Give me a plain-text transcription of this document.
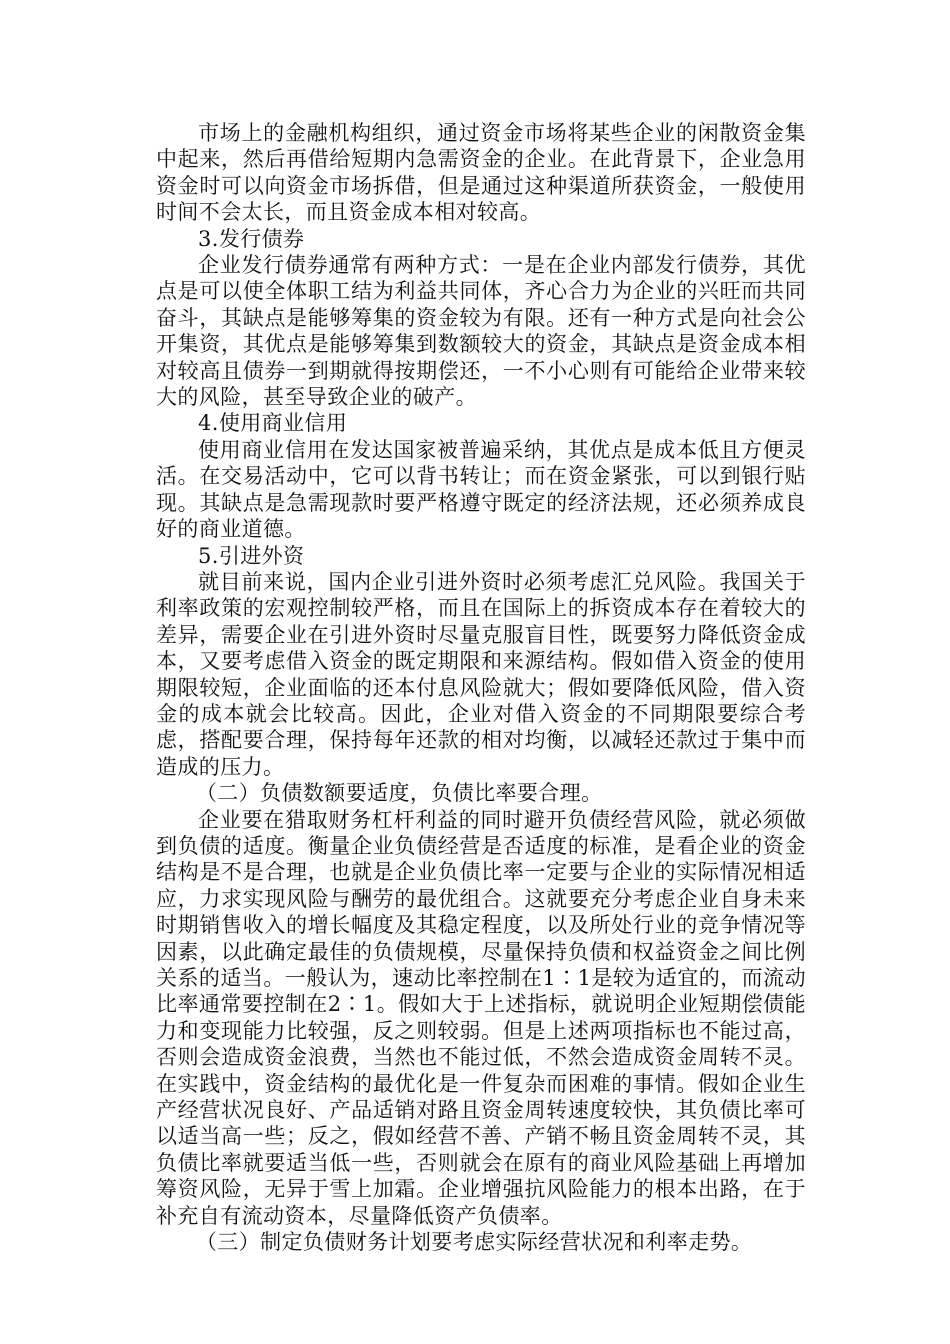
市场上的金融机构组织，通过资金市场将某些企业的闲散资金集中起来，然后再借给短期内急需资金的企业。在此背景下，企业急用资金时可以向资金市场拆借，但是通过这种渠道所获资金，一般使用时间不会太长，而且资金成本相对较高。

3.发行债券

企业发行债券通常有两种方式：一是在企业内部发行债券，其优点是可以使全体职工结为利益共同体，齐心合力为企业的兴旺而共同奋斗，其缺点是能够筹集的资金较为有限。还有一种方式是向社会公开集资，其优点是能够筹集到数额较大的资金，其缺点是资金成本相对较高且债券一到期就得按期偿还，一不小心则有可能给企业带来较大的风险，甚至导致企业的破产。

4.使用商业信用

使用商业信用在发达国家被普遍采纳，其优点是成本低且方便灵活。在交易活动中，它可以背书转让；而在资金紧张，可以到银行贴现。其缺点是急需现款时要严格遵守既定的经济法规，还必须养成良好的商业道德。

5.引进外资

就目前来说，国内企业引进外资时必须考虑汇兑风险。我国关于利率政策的宏观控制较严格，而且在国际上的拆资成本存在着较大的差异，需要企业在引进外资时尽量克服盲目性，既要努力降低资金成本，又要考虑借入资金的既定期限和来源结构。假如借入资金的使用期限较短，企业面临的还本付息风险就大；假如要降低风险，借入资金的成本就会比较高。因此，企业对借入资金的不同期限要综合考虑，搭配要合理，保持每年还款的相对均衡，以减轻还款过于集中而造成的压力。

（二）负债数额要适度，负债比率要合理。

企业要在猎取财务杠杆利益的同时避开负债经营风险，就必须做到负债的适度。衡量企业负债经营是否适度的标准，是看企业的资金结构是不是合理，也就是企业负债比率一定要与企业的实际情况相适应，力求实现风险与酬劳的最优组合。这就要充分考虑企业自身未来时期销售收入的增长幅度及其稳定程度，以及所处行业的竞争情况等因素，以此确定最佳的负债规模，尽量保持负债和权益资金之间比例关系的适当。一般认为，速动比率控制在1∶1是较为适宜的，而流动比率通常要控制在2∶1。假如大于上述指标，就说明企业短期偿债能力和变现能力比较强，反之则较弱。但是上述两项指标也不能过高，否则会造成资金浪费，当然也不能过低，不然会造成资金周转不灵。在实践中，资金结构的最优化是一件复杂而困难的事情。假如企业生产经营状况良好、产品适销对路且资金周转速度较快，其负债比率可以适当高一些；反之，假如经营不善、产销不畅且资金周转不灵，其负债比率就要适当低一些，否则就会在原有的商业风险基础上再增加筹资风险，无异于雪上加霜。企业增强抗风险能力的根本出路，在于补充自有流动资本，尽量降低资产负债率。

（三）制定负债财务计划要考虑实际经营状况和利率走势。
